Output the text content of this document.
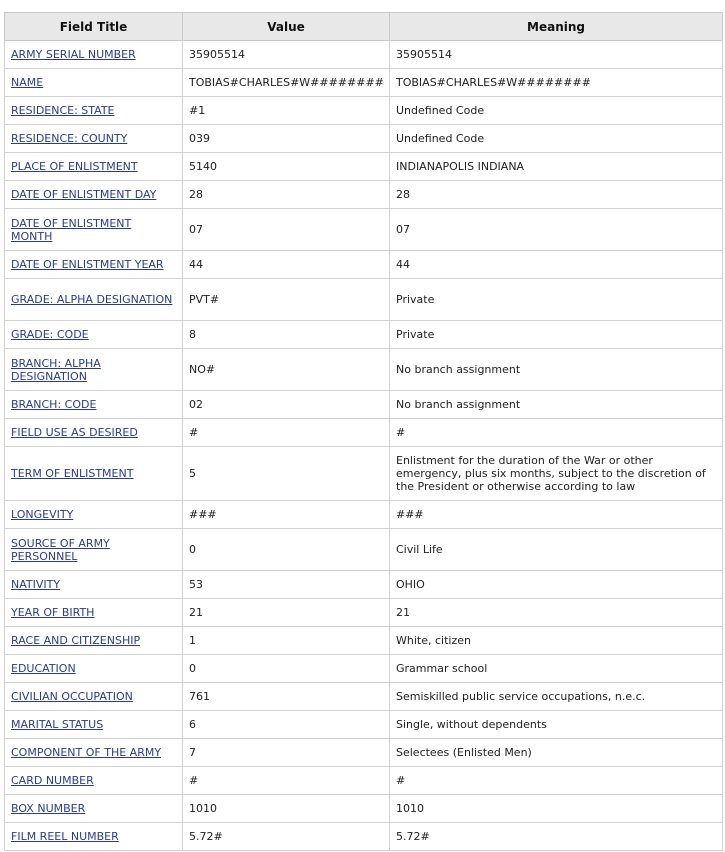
Field Title	Value	Meaning
ARMY SERIAL NUMBER	35905514	35905514
NAME	TOBIAS#CHARLES#W########	TOBIAS#CHARLES#W########
RESIDENCE: STATE	#1	Undefined Code
RESIDENCE: COUNTY	039	Undefined Code
PLACE OF ENLISTMENT	5140	INDIANAPOLIS INDIANA
DATE OF ENLISTMENT DAY	28	28
DATE OF ENLISTMENT MONTH	07	07
DATE OF ENLISTMENT YEAR	44	44
GRADE: ALPHA DESIGNATION	PVT#	Private
GRADE: CODE	8	Private
BRANCH: ALPHA DESIGNATION	NO#	No branch assignment
BRANCH: CODE	02	No branch assignment
FIELD USE AS DESIRED	#	#
TERM OF ENLISTMENT	5	Enlistment for the duration of the War or other emergency, plus six months, subject to the discretion of the President or otherwise according to law
LONGEVITY	###	###
SOURCE OF ARMY PERSONNEL	0	Civil Life
NATIVITY	53	OHIO
YEAR OF BIRTH	21	21
RACE AND CITIZENSHIP	1	White, citizen
EDUCATION	0	Grammar school
CIVILIAN OCCUPATION	761	Semiskilled public service occupations, n.e.c.
MARITAL STATUS	6	Single, without dependents
COMPONENT OF THE ARMY	7	Selectees (Enlisted Men)
CARD NUMBER	#	#
BOX NUMBER	1010	1010
FILM REEL NUMBER	5.72#	5.72#
